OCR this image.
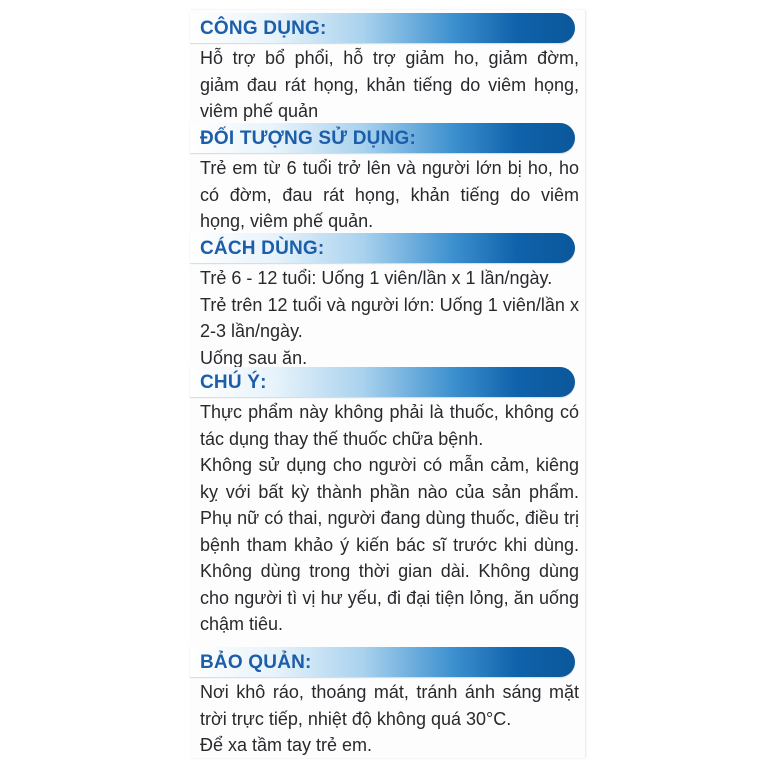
CÔNG DỤNG:

Hỗ trợ bổ phổi, hỗ trợ giảm ho, giảm đờm, giảm đau rát họng, khản tiếng do viêm họng, viêm phế quản

ĐỐI TƯỢNG SỬ DỤNG:

Trẻ em từ 6 tuổi trở lên và người lớn bị ho, ho có đờm, đau rát họng, khản tiếng do viêm họng, viêm phế quản.

CÁCH DÙNG:

Trẻ 6 - 12 tuổi: Uống 1 viên/lần x 1 lần/ngày.

Trẻ trên 12 tuổi và người lớn: Uống 1 viên/lần x 2-3 lần/ngày.

Uống sau ăn.

CHÚ Ý:

Thực phẩm này không phải là thuốc, không có tác dụng thay thế thuốc chữa bệnh.

Không sử dụng cho người có mẫn cảm, kiêng kỵ với bất kỳ thành phần nào của sản phẩm. Phụ nữ có thai, người đang dùng thuốc, điều trị bệnh tham khảo ý kiến bác sĩ trước khi dùng. Không dùng trong thời gian dài. Không dùng cho người tì vị hư yếu, đi đại tiện lỏng, ăn uống chậm tiêu.

BẢO QUẢN:

Nơi khô ráo, thoáng mát, tránh ánh sáng mặt trời trực tiếp, nhiệt độ không quá 30°C.

Để xa tầm tay trẻ em.
